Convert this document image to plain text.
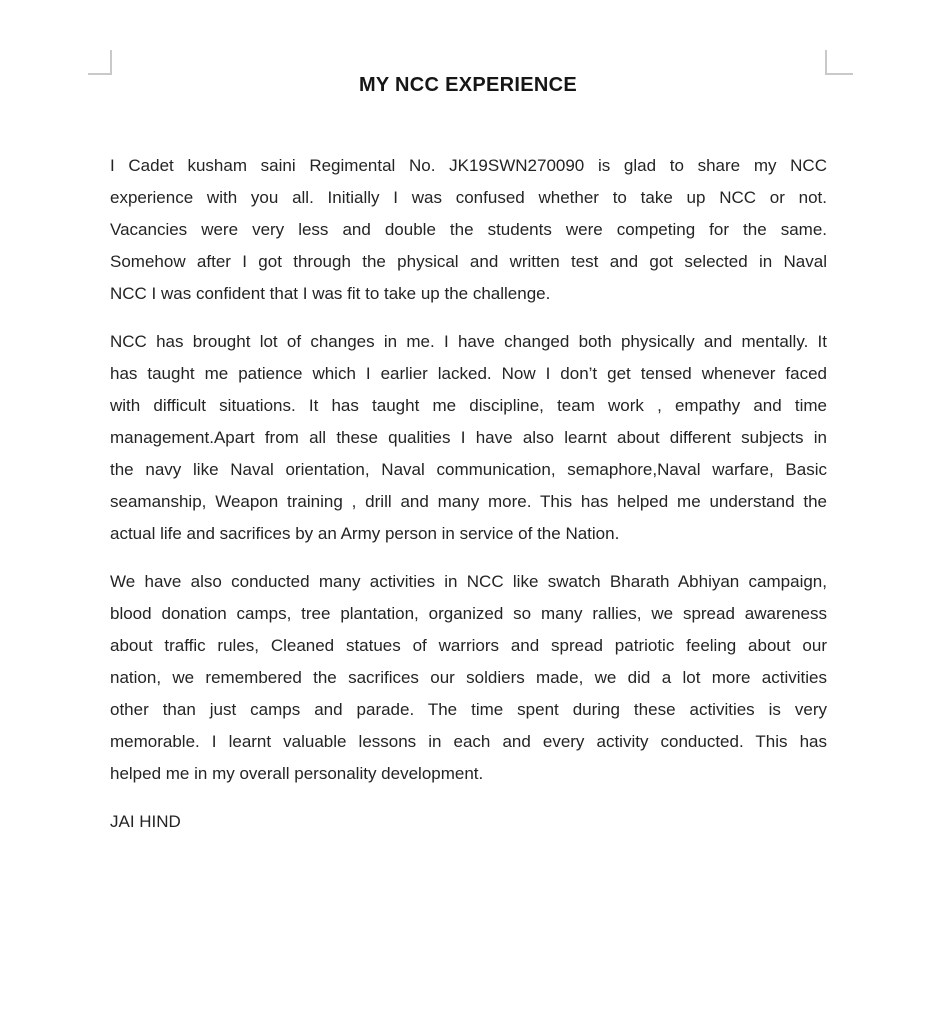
MY NCC EXPERIENCE
I Cadet kusham saini Regimental No. JK19SWN270090 is glad to share my NCC
experience with you all. Initially I was confused whether to take up NCC or not.
Vacancies were very less and double the students were competing for the same.
Somehow after I got through the physical and written test and got selected in Naval
NCC I was confident that I was fit to take up the challenge.
NCC has brought lot of changes in me. I have changed both physically and mentally. It
has taught me patience which I earlier lacked. Now I don’t get tensed whenever faced
with difficult situations. It has taught me discipline, team work , empathy and time
management.Apart from all these qualities I have also learnt about different subjects in
the navy like Naval orientation, Naval communication, semaphore,Naval warfare, Basic
seamanship, Weapon training , drill and many more. This has helped me understand the
actual life and sacrifices by an Army person in service of the Nation.
We have also conducted many activities in NCC like swatch Bharath Abhiyan campaign,
blood donation camps, tree plantation, organized so many rallies, we spread awareness
about traffic rules, Cleaned statues of warriors and spread patriotic feeling about our
nation, we remembered the sacrifices our soldiers made, we did a lot more activities
other than just camps and parade. The time spent during these activities is very
memorable. I learnt valuable lessons in each and every activity conducted. This has
helped me in my overall personality development.
JAI HIND
